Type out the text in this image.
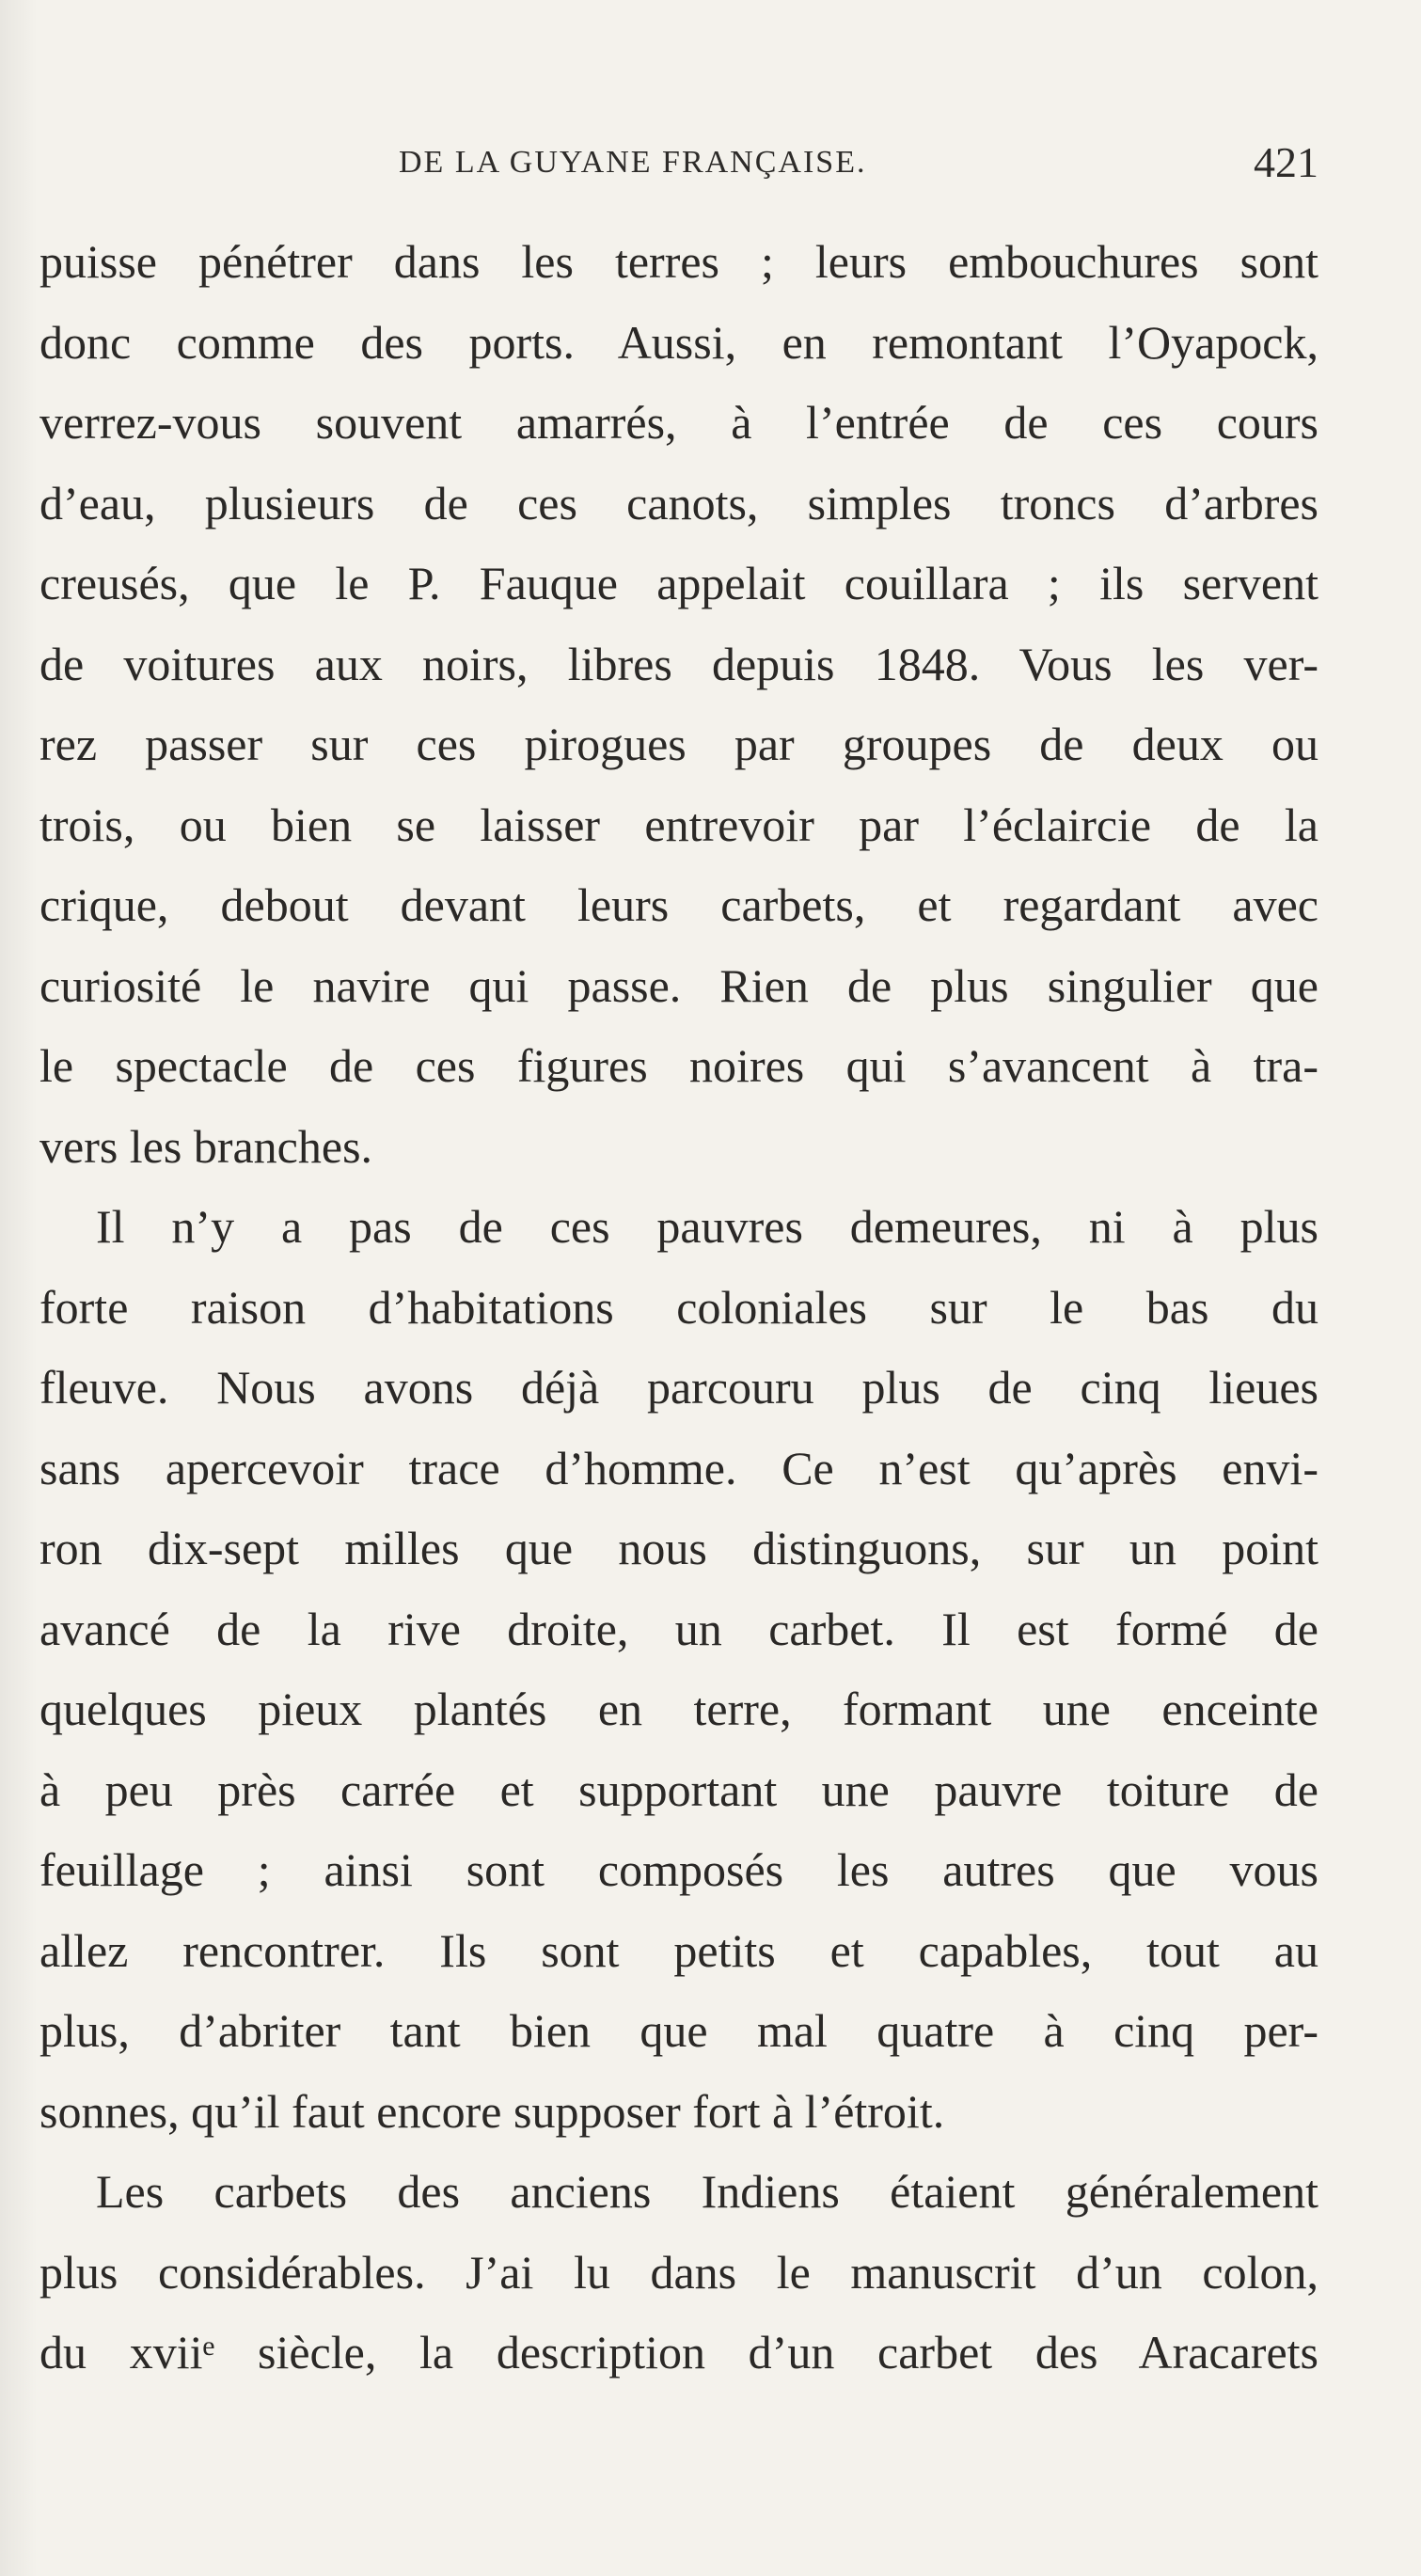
DE LA GUYANE FRANÇAISE.	421
puisse pénétrer dans les terres ; leurs embouchures sont
donc comme des ports. Aussi, en remontant l’Oyapock,
verrez-vous souvent amarrés, à l’entrée de ces cours
d’eau, plusieurs de ces canots, simples troncs d’arbres
creusés, que le P. Fauque appelait couillara ; ils servent
de voitures aux noirs, libres depuis 1848. Vous les ver-
rez passer sur ces pirogues par groupes de deux ou
trois, ou bien se laisser entrevoir par l’éclaircie de la
crique, debout devant leurs carbets, et regardant avec
curiosité le navire qui passe. Rien de plus singulier que
le spectacle de ces figures noires qui s’avancent à tra-
vers les branches.
Il n’y a pas de ces pauvres demeures, ni à plus
forte raison d’habitations coloniales sur le bas du
fleuve. Nous avons déjà parcouru plus de cinq lieues
sans apercevoir trace d’homme. Ce n’est qu’après envi-
ron dix-sept milles que nous distinguons, sur un point
avancé de la rive droite, un carbet. Il est formé de
quelques pieux plantés en terre, formant une enceinte
à peu près carrée et supportant une pauvre toiture de
feuillage ; ainsi sont composés les autres que vous
allez rencontrer. Ils sont petits et capables, tout au
plus, d’abriter tant bien que mal quatre à cinq per-
sonnes, qu’il faut encore supposer fort à l’étroit.
Les carbets des anciens Indiens étaient généralement
plus considérables. J’ai lu dans le manuscrit d’un colon,
du xviiᵉ siècle, la description d’un carbet des Aracarets
